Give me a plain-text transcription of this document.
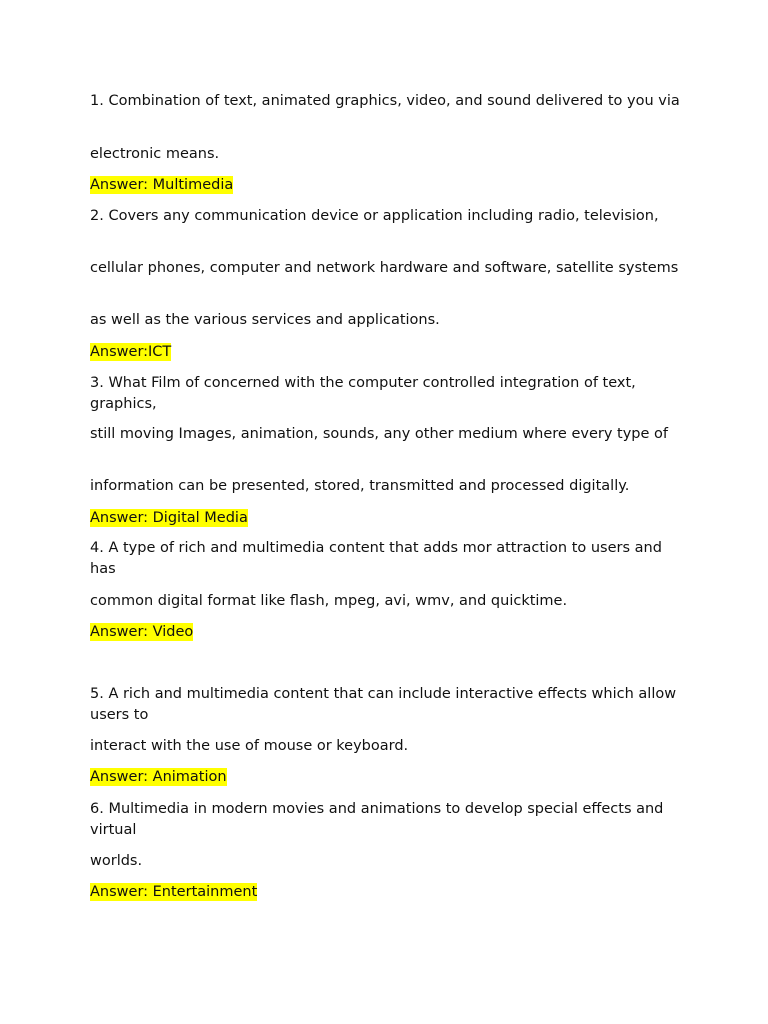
1. Combination of text, animated graphics, video, and sound delivered to you via

electronic means.

Answer: Multimedia

2. Covers any communication device or application including radio, television,

cellular phones, computer and network hardware and software, satellite systems

as well as the various services and applications.

Answer:ICT

3. What Film of concerned with the computer controlled integration of text, graphics,

still moving Images, animation, sounds, any other medium where every type of

information can be presented, stored, transmitted and processed digitally.

Answer: Digital Media

4. A type of rich and multimedia content that adds mor attraction to users and has

common digital format like flash, mpeg, avi, wmv, and quicktime.

Answer: Video

5. A rich and multimedia content that can include interactive effects which allow users to

interact with the use of mouse or keyboard.

Answer: Animation

6. Multimedia in modern movies and animations to develop special effects and virtual

worlds.

Answer: Entertainment
